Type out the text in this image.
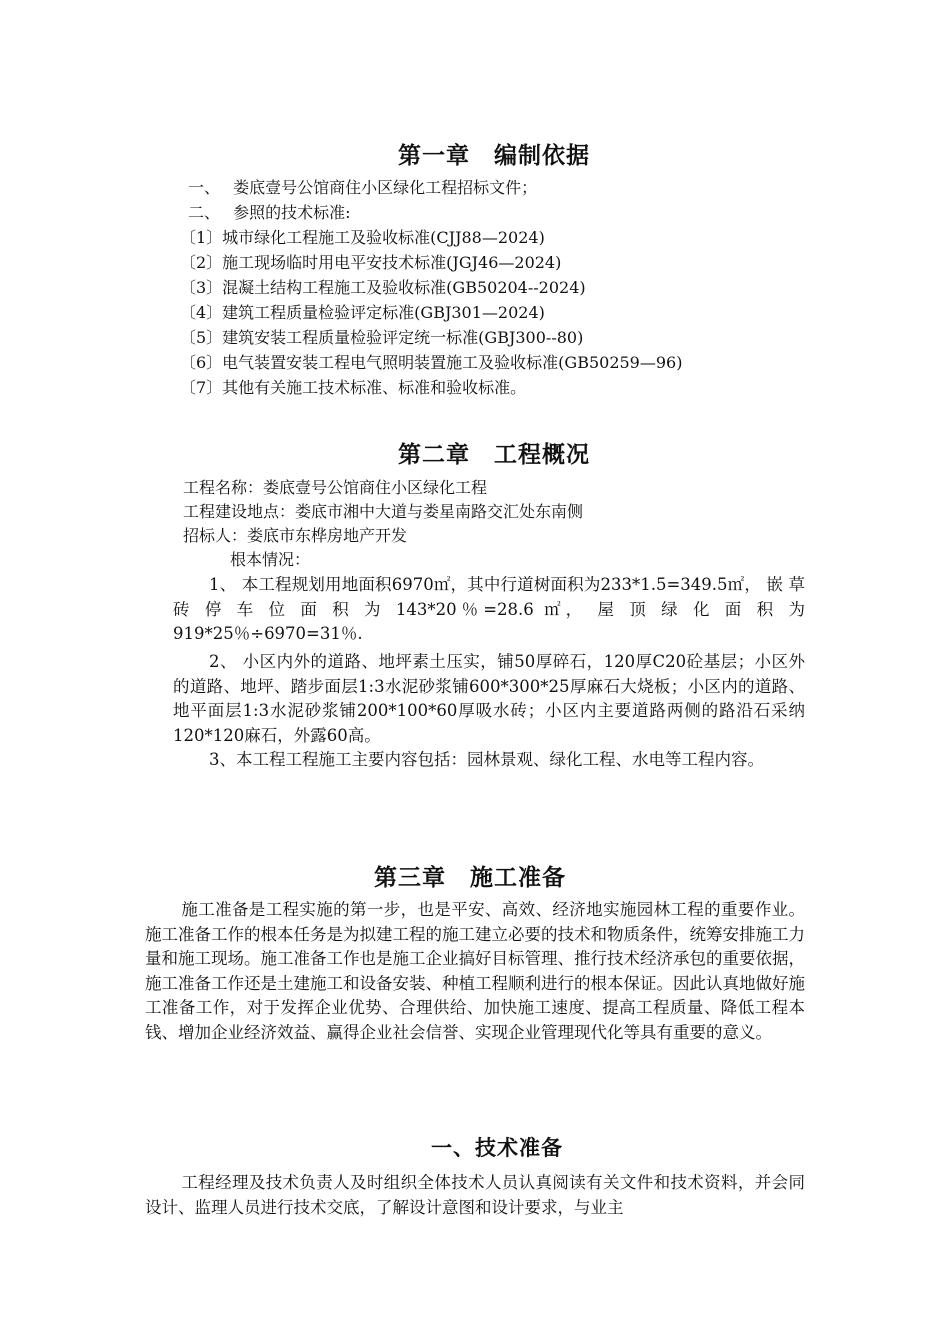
第一章　编制依据
一、　 娄底壹号公馆商住小区绿化工程招标文件；
二、　 参照的技术标准:
〔1〕城市绿化工程施工及验收标准(CJJ88—2024)
〔2〕施工现场临时用电平安技术标准(JGJ46—2024)
〔3〕混凝土结构工程施工及验收标准(GB50204--2024)
〔4〕建筑工程质量检验评定标准(GBJ301—2024)
〔5〕建筑安装工程质量检验评定统一标准(GBJ300--80)
〔6〕电气装置安装工程电气照明装置施工及验收标准(GB50259—96)
〔7〕其他有关施工技术标准、标准和验收标准。
第二章　工程概况
工程名称：娄底壹号公馆商住小区绿化工程
工程建设地点：娄底市湘中大道与娄星南路交汇处东南侧
招标人：娄底市东桦房地产开发
根本情况：
1、 本工程规划用地面积6970㎡，其中行道树面积为233*1.5=349.5㎡， 嵌 草 砖 停 车 位 面 积 为 143*20％=28.6 ㎡， 屋 顶 绿 化 面 积 为 919*25％÷6970=31％.
2、 小区内外的道路、地坪素土压实，铺50厚碎石，120厚C20砼基层；小区外的道路、地坪、踏步面层1:3水泥砂浆铺600*300*25厚麻石大烧板；小区内的道路、地平面层1:3水泥砂浆铺200*100*60厚吸水砖；小区内主要道路两侧的路沿石采纳120*120麻石，外露60高。
3、本工程工程施工主要内容包括：园林景观、绿化工程、水电等工程内容。
第三章　施工准备
施工准备是工程实施的第一步，也是平安、高效、经济地实施园林工程的重要作业。施工准备工作的根本任务是为拟建工程的施工建立必要的技术和物质条件，统筹安排施工力量和施工现场。施工准备工作也是施工企业搞好目标管理、推行技术经济承包的重要依据，施工准备工作还是土建施工和设备安装、种植工程顺利进行的根本保证。因此认真地做好施工准备工作，对于发挥企业优势、合理供给、加快施工速度、提高工程质量、降低工程本钱、增加企业经济效益、赢得企业社会信誉、实现企业管理现代化等具有重要的意义。
一、技术准备
工程经理及技术负责人及时组织全体技术人员认真阅读有关文件和技术资料，并会同设计、监理人员进行技术交底，了解设计意图和设计要求，与业主
